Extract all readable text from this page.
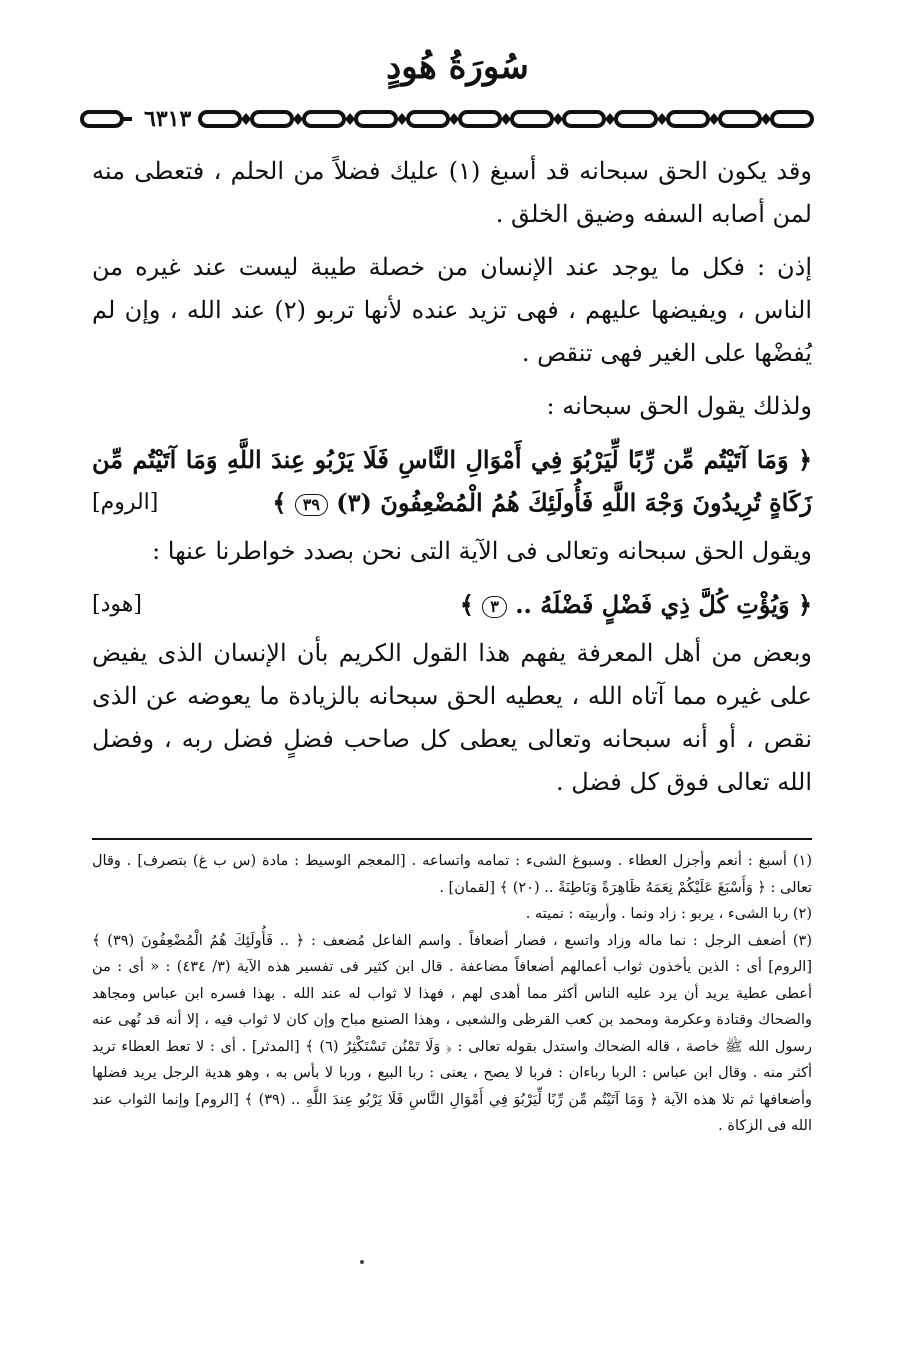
سُورَةُ هُودٍ
٦٣١٣

وقد يكون الحق سبحانه قد أسبغ (١) عليك فضلاً من الحلم ، فتعطى منه لمن أصابه السفه وضيق الخلق .

إذن : فكل ما يوجد عند الإنسان من خصلة طيبة ليست عند غيره من الناس ، ويفيضها عليهم ، فهى تزيد عنده لأنها تربو (٢) عند الله ، وإن لم يُفضْها على الغير فهى تنقص .

ولذلك يقول الحق سبحانه :

﴿ وَمَا آتَيْتُم مِّن رِّبًا لِّيَرْبُوَ فِي أَمْوَالِ النَّاسِ فَلَا يَرْبُو عِندَ اللَّهِ وَمَا آتَيْتُم مِّن زَكَاةٍ تُرِيدُونَ وَجْهَ اللَّهِ فَأُولَئِكَ هُمُ الْمُضْعِفُونَ (٣) ٣٩ ﴾
[الروم]

ويقول الحق سبحانه وتعالى فى الآية التى نحن بصدد خواطرنا عنها :

﴿ وَيُؤْتِ كُلَّ ذِي فَضْلٍ فَضْلَهُ .. ٣ ﴾
[هود]

وبعض من أهل المعرفة يفهم هذا القول الكريم بأن الإنسان الذى يفيض على غيره مما آتاه الله ، يعطيه الحق سبحانه بالزيادة ما يعوضه عن الذى نقص ، أو أنه سبحانه وتعالى يعطى كل صاحب فضلٍ فضل ربه ، وفضل الله تعالى فوق كل فضل .

(١) أسبغ : أنعم وأجزل العطاء . وسبوغ الشىء : تمامه واتساعه . [المعجم الوسيط : مادة (س ب غ) بتصرف] . وقال تعالى : ﴿ وَأَسْبَغَ عَلَيْكُمْ نِعَمَهُ ظَاهِرَةً وَبَاطِنَةً .. (٢٠) ﴾ [لقمان] .

(٢) ربا الشىء ، يربو : زاد ونما . وأربيته : نميته .

(٣) أضعف الرجل : نما ماله وزاد واتسع ، فصار أضعافاً . واسم الفاعل مُضعف : ﴿ .. فَأُولَئِكَ هُمُ الْمُضْعِفُونَ (٣٩) ﴾ [الروم] أى : الذين يأخذون ثواب أعمالهم أضعافاً مضاعفة . قال ابن كثير فى تفسير هذه الآية (٣/ ٤٣٤) : « أى : من أعطى عطية يريد أن يرد عليه الناس أكثر مما أهدى لهم ، فهذا لا ثواب له عند الله . بهذا فسره ابن عباس ومجاهد والضحاك وقتادة وعكرمة ومحمد بن كعب القرظى والشعبى ، وهذا الصنيع مباح وإن كان لا ثواب فيه ، إلا أنه قد نُهى عنه رسول الله ﷺ خاصة ، قاله الضحاك واستدل بقوله تعالى : ﴿ وَلَا تَمْنُن تَسْتَكْثِرُ (٦) ﴾ [المدثر] . أى : لا تعط العطاء تريد أكثر منه . وقال ابن عباس : الربا رباءان : فربا لا يصح ، يعنى : ربا البيع ، وربا لا بأس به ، وهو هدية الرجل يريد فضلها وأضعافها ثم تلا هذه الآية ﴿ وَمَا آتَيْتُم مِّن رِّبًا لِّيَرْبُوَ فِي أَمْوَالِ النَّاسِ فَلَا يَرْبُو عِندَ اللَّهِ .. (٣٩) ﴾ [الروم] وإنما الثواب عند الله فى الزكاة .
